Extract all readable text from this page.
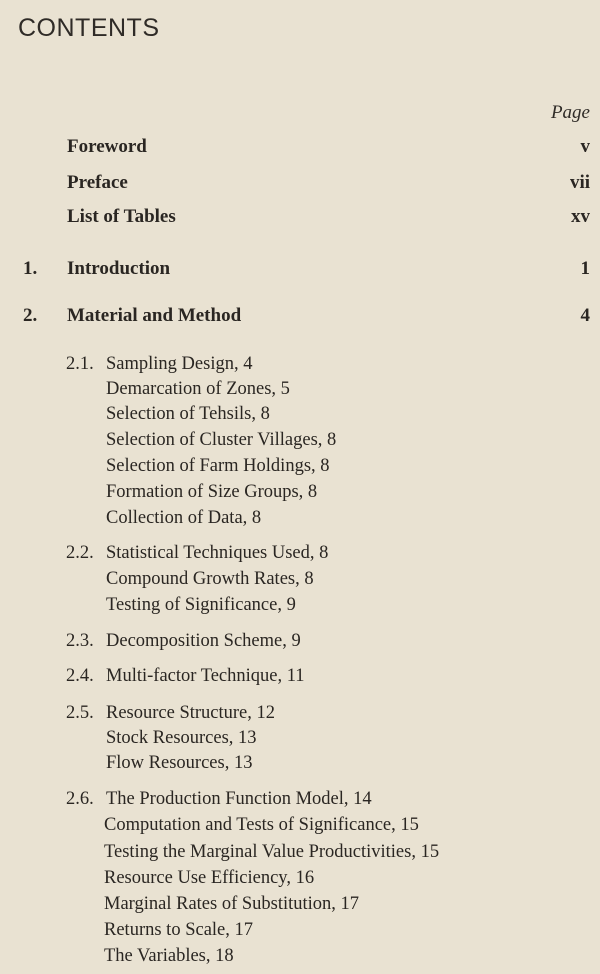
CONTENTS
Page
Foreword	v
Preface	vii
List of Tables	xv
1. Introduction	1
2. Material and Method	4
2.1. Sampling Design, 4
Demarcation of Zones, 5
Selection of Tehsils, 8
Selection of Cluster Villages, 8
Selection of Farm Holdings, 8
Formation of Size Groups, 8
Collection of Data, 8
2.2. Statistical Techniques Used, 8
Compound Growth Rates, 8
Testing of Significance, 9
2.3. Decomposition Scheme, 9
2.4. Multi-factor Technique, 11
2.5. Resource Structure, 12
Stock Resources, 13
Flow Resources, 13
2.6. The Production Function Model, 14
Computation and Tests of Significance, 15
Testing the Marginal Value Productivities, 15
Resource Use Efficiency, 16
Marginal Rates of Substitution, 17
Returns to Scale, 17
The Variables, 18
